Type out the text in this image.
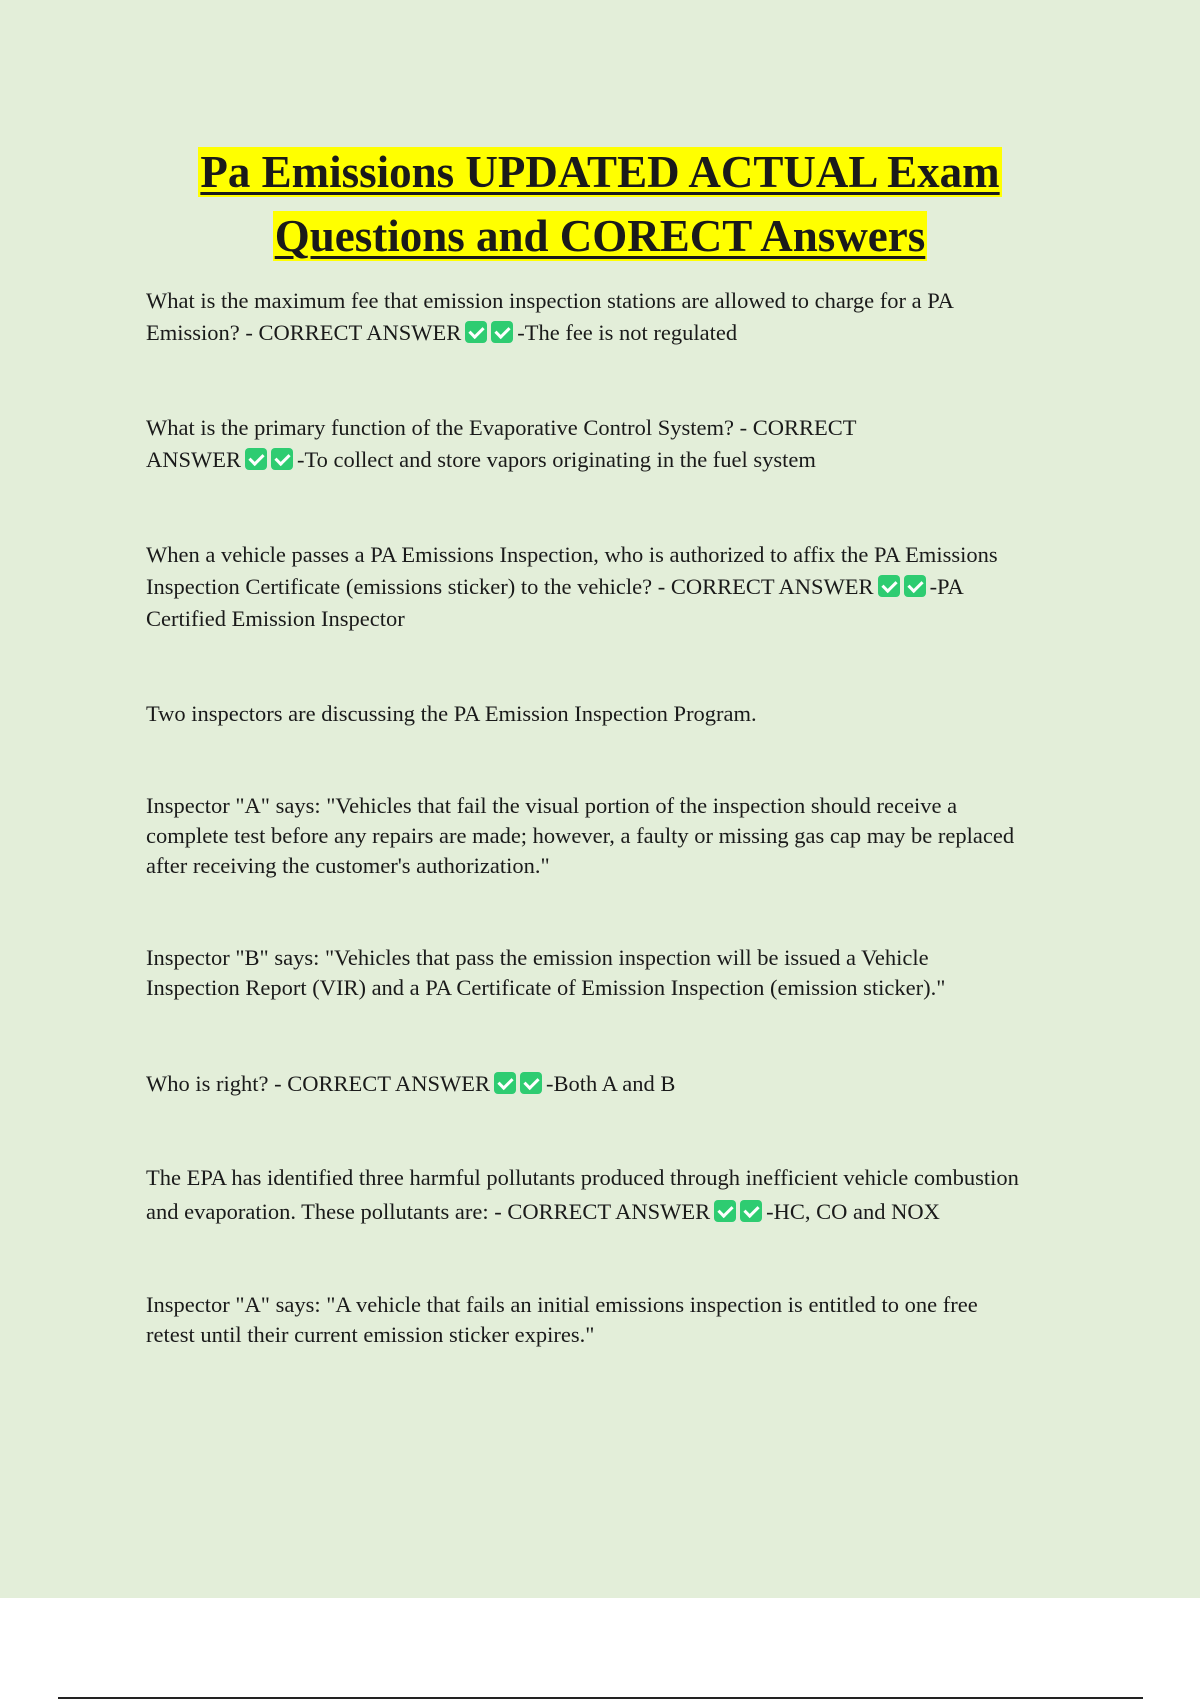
Pa Emissions UPDATED ACTUAL Exam
Questions and CORECT Answers

What is the maximum fee that emission inspection stations are allowed to charge for a PA
Emission? - CORRECT ANSWER -The fee is not regulated

What is the primary function of the Evaporative Control System? - CORRECT
ANSWER -To collect and store vapors originating in the fuel system

When a vehicle passes a PA Emissions Inspection, who is authorized to affix the PA Emissions
Inspection Certificate (emissions sticker) to the vehicle? - CORRECT ANSWER -PA
Certified Emission Inspector

Two inspectors are discussing the PA Emission Inspection Program.

Inspector "A" says: "Vehicles that fail the visual portion of the inspection should receive a
complete test before any repairs are made; however, a faulty or missing gas cap may be replaced
after receiving the customer's authorization."

Inspector "B" says: "Vehicles that pass the emission inspection will be issued a Vehicle
Inspection Report (VIR) and a PA Certificate of Emission Inspection (emission sticker)."

Who is right? - CORRECT ANSWER -Both A and B

The EPA has identified three harmful pollutants produced through inefficient vehicle combustion
and evaporation. These pollutants are: - CORRECT ANSWER -HC, CO and NOX

Inspector "A" says: "A vehicle that fails an initial emissions inspection is entitled to one free
retest until their current emission sticker expires."
